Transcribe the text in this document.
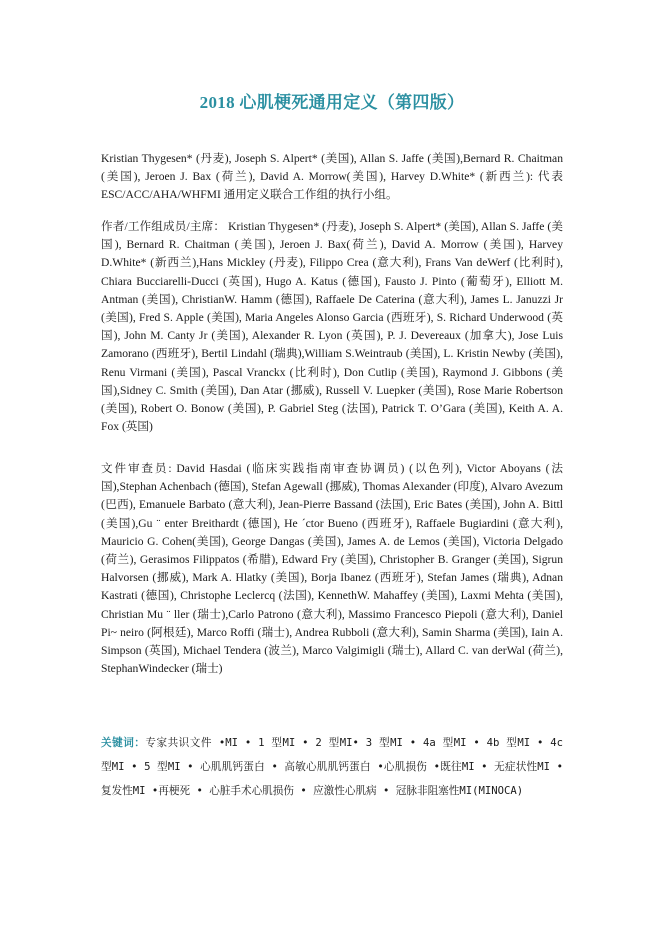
2018 心肌梗死通用定义（第四版）
Kristian Thygesen* (丹麦), Joseph S. Alpert* (美国), Allan S. Jaffe (美国),Bernard R. Chaitman (美国), Jeroen J. Bax (荷兰), David A. Morrow(美国), Harvey D.White* (新西兰): 代表 ESC/ACC/AHA/WHFMI 通用定义联合工作组的执行小组。
作者/工作组成员/主席： Kristian Thygesen* (丹麦), Joseph S. Alpert* (美国), Allan S. Jaffe (美国), Bernard R. Chaitman (美国), Jeroen J. Bax(荷兰), David A. Morrow (美国), Harvey D.White* (新西兰),Hans Mickley (丹麦), Filippo Crea (意大利), Frans Van deWerf (比利时), Chiara Bucciarelli-Ducci (英国), Hugo A. Katus (德国), Fausto J. Pinto (葡萄牙), Elliott M. Antman (美国), ChristianW. Hamm (德国), Raffaele De Caterina (意大利), James L. Januzzi Jr (美国), Fred S. Apple (美国), Maria Angeles Alonso Garcia (西班牙), S. Richard Underwood (英国), John M. Canty Jr (美国), Alexander R. Lyon (英国), P. J. Devereaux (加拿大), Jose Luis Zamorano (西班牙), Bertil Lindahl (瑞典),William S.Weintraub (美国), L. Kristin Newby (美国), Renu Virmani (美国), Pascal Vranckx (比利时), Don Cutlip (美国), Raymond J. Gibbons (美国),Sidney C. Smith (美国), Dan Atar (挪威), Russell V. Luepker (美国), Rose Marie Robertson (美国), Robert O. Bonow (美国), P. Gabriel Steg (法国), Patrick T. O’Gara (美国), Keith A. A. Fox (英国)
文件审查员: David Hasdai (临床实践指南审查协调员) (以色列), Victor Aboyans (法国),Stephan Achenbach (德国), Stefan Agewall (挪威), Thomas Alexander (印度), Alvaro Avezum (巴西), Emanuele Barbato (意大利), Jean-Pierre Bassand (法国), Eric Bates (美国), John A. Bittl (美国),Gu ¨ enter Breithardt (德国), He ´ctor Bueno (西班牙), Raffaele Bugiardini (意大利), Mauricio G. Cohen(美国), George Dangas (美国), James A. de Lemos (美国), Victoria Delgado (荷兰), Gerasimos Filippatos (希腊), Edward Fry (美国), Christopher B. Granger (美国), Sigrun Halvorsen (挪威), Mark A. Hlatky (美国), Borja Ibanez (西班牙), Stefan James (瑞典), Adnan Kastrati (德国), Christophe Leclercq (法国), KennethW. Mahaffey (美国), Laxmi Mehta (美国), Christian Mu ¨ ller (瑞士),Carlo Patrono (意大利), Massimo Francesco Piepoli (意大利), Daniel Pi~ neiro (阿根廷), Marco Roffi (瑞士), Andrea Rubboli (意大利), Samin Sharma (美国), Iain A. Simpson (英国), Michael Tendera (波兰), Marco Valgimigli (瑞士), Allard C. van derWal (荷兰), StephanWindecker (瑞士)
关键词：专家共识文件 •MI • 1 型MI • 2 型MI• 3 型MI • 4a 型MI • 4b 型MI • 4c 型MI • 5 型MI • 心肌肌钙蛋白 • 高敏心肌肌钙蛋白 •心肌损伤 •既往MI • 无症状性MI •复发性MI •再梗死 • 心脏手术心肌损伤 • 应激性心肌病 • 冠脉非阻塞性MI(MINOCA)
